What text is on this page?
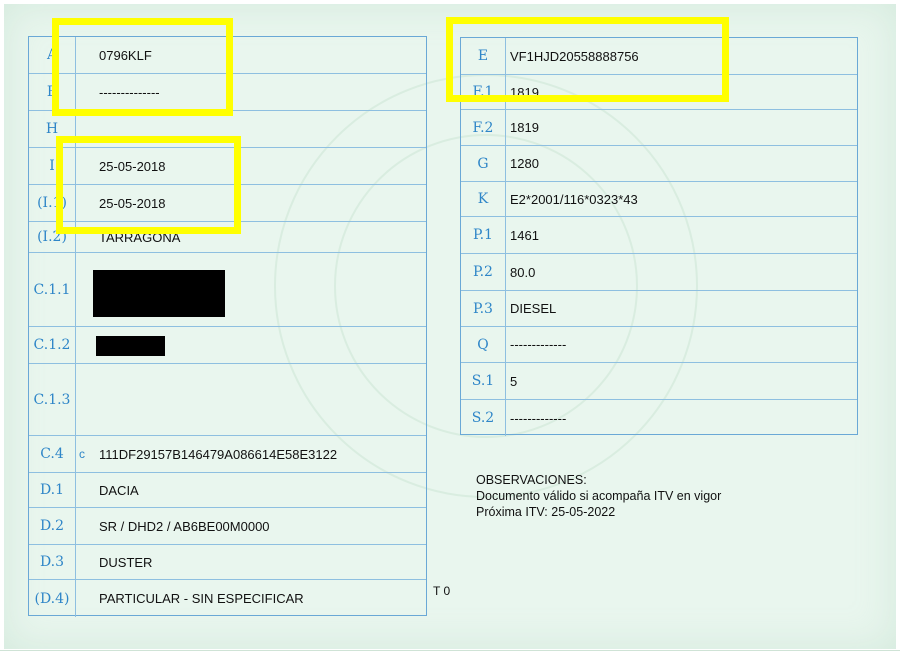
A	0796KLF
B	--------------
H
I	25-05-2018
(I.1)	25-05-2018
(I.2)	TARRAGONA
C.1.1
C.1.2
C.1.3
C.4	c 111DF29157B146479A086614E58E3122
D.1	DACIA
D.2	SR / DHD2 / AB6BE00M0000
D.3	DUSTER
(D.4)	PARTICULAR - SIN ESPECIFICAR
E	VF1HJD20558888756
F.1	1819
F.2	1819
G	1280
K	E2*2001/116*0323*43
P.1	1461
P.2	80.0
P.3	DIESEL
Q	-------------
S.1	5
S.2	-------------
OBSERVACIONES:
Documento válido si acompaña ITV en vigor
Próxima ITV: 25-05-2022
T 0
